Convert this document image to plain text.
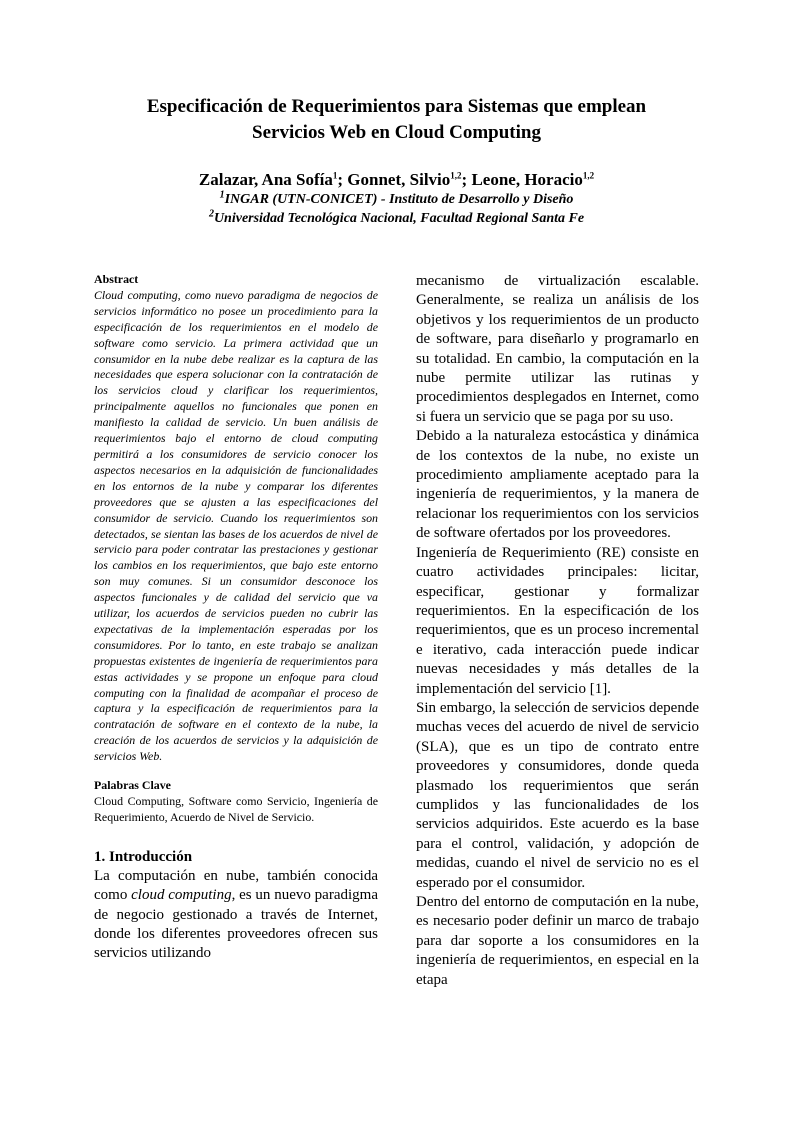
Especificación de Requerimientos para Sistemas que emplean
Servicios Web en Cloud Computing

Zalazar, Ana Sofía$^1$; Gonnet, Silvio$^{1,2}$; Leone, Horacio$^{1,2}$

$^1$INGAR (UTN-CONICET) - Instituto de Desarrollo y Diseño

$^2$Universidad Tecnológica Nacional, Facultad Regional Santa Fe

Abstract

Cloud computing, como nuevo paradigma de negocios de servicios informático no posee un procedimiento para la especificación de los requerimientos en el modelo de software como servicio. La primera actividad que un consumidor en la nube debe realizar es la captura de las necesidades que espera solucionar con la contratación de los servicios cloud y clarificar los requerimientos, principalmente aquellos no funcionales que ponen en manifiesto la calidad de servicio. Un buen análisis de requerimientos bajo el entorno de cloud computing permitirá a los consumidores de servicio conocer los aspectos necesarios en la adquisición de funcionalidades en los entornos de la nube y comparar los diferentes proveedores que se ajusten a las especificaciones del consumidor de servicio. Cuando los requerimientos son detectados, se sientan las bases de los acuerdos de nivel de servicio para poder contratar las prestaciones y gestionar los cambios en los requerimientos, que bajo este entorno son muy comunes. Si un consumidor desconoce los aspectos funcionales y de calidad del servicio que va utilizar, los acuerdos de servicios pueden no cubrir las expectativas de la implementación esperadas por los consumidores. Por lo tanto, en este trabajo se analizan propuestas existentes de ingeniería de requerimientos para estas actividades y se propone un enfoque para cloud computing con la finalidad de acompañar el proceso de captura y la especificación de requerimientos para la contratación de software en el contexto de la nube, la creación de los acuerdos de servicios y la adquisición de servicios Web.

Palabras Clave

Cloud Computing, Software como Servicio, Ingeniería de Requerimiento, Acuerdo de Nivel de Servicio.

1. Introducción

La computación en nube, también conocida como cloud computing, es un nuevo paradigma de negocio gestionado a través de Internet, donde los diferentes proveedores ofrecen sus servicios utilizando

mecanismo de virtualización escalable. Generalmente, se realiza un análisis de los objetivos y los requerimientos de un producto de software, para diseñarlo y programarlo en su totalidad. En cambio, la computación en la nube permite utilizar las rutinas y procedimientos desplegados en Internet, como si fuera un servicio que se paga por su uso.

Debido a la naturaleza estocástica y dinámica de los contextos de la nube, no existe un procedimiento ampliamente aceptado para la ingeniería de requerimientos, y la manera de relacionar los requerimientos con los servicios de software ofertados por los proveedores.

Ingeniería de Requerimiento (RE) consiste en cuatro actividades principales: licitar, especificar, gestionar y formalizar requerimientos. En la especificación de los requerimientos, que es un proceso incremental e iterativo, cada interacción puede indicar nuevas necesidades y más detalles de la implementación del servicio [1].

Sin embargo, la selección de servicios depende muchas veces del acuerdo de nivel de servicio (SLA), que es un tipo de contrato entre proveedores y consumidores, donde queda plasmado los requerimientos que serán cumplidos y las funcionalidades de los servicios adquiridos. Este acuerdo es la base para el control, validación, y adopción de medidas, cuando el nivel de servicio no es el esperado por el consumidor.

Dentro del entorno de computación en la nube, es necesario poder definir un marco de trabajo para dar soporte a los consumidores en la ingeniería de requerimientos, en especial en la etapa
